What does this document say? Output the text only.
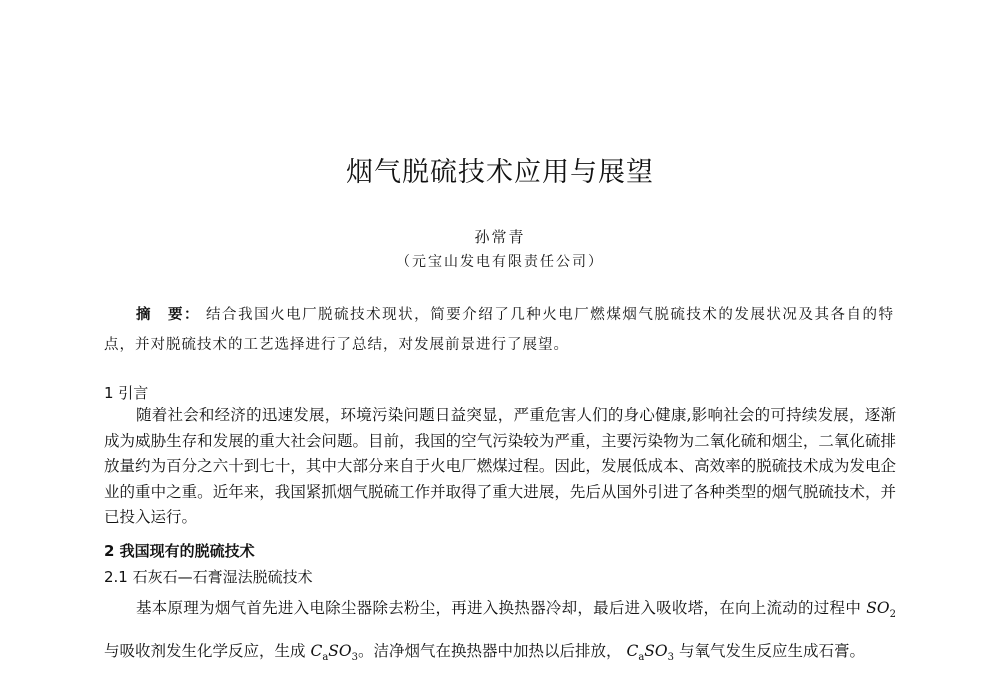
烟气脱硫技术应用与展望
孙常青
（元宝山发电有限责任公司）
摘　要： 结合我国火电厂脱硫技术现状，简要介绍了几种火电厂燃煤烟气脱硫技术的发展状况及其各自的特点，并对脱硫技术的工艺选择进行了总结，对发展前景进行了展望。
1 引言
随着社会和经济的迅速发展，环境污染问题日益突显，严重危害人们的身心健康,影响社会的可持续发展，逐渐成为威胁生存和发展的重大社会问题。目前，我国的空气污染较为严重，主要污染物为二氧化硫和烟尘，二氧化硫排放量约为百分之六十到七十，其中大部分来自于火电厂燃煤过程。因此，发展低成本、高效率的脱硫技术成为发电企业的重中之重。近年来，我国紧抓烟气脱硫工作并取得了重大进展，先后从国外引进了各种类型的烟气脱硫技术，并已投入运行。
2 我国现有的脱硫技术
2.1 石灰石—石膏湿法脱硫技术
基本原理为烟气首先进入电除尘器除去粉尘，再进入换热器冷却，最后进入吸收塔，在向上流动的过程中 $SO_2$ 与吸收剂发生化学反应，生成 $C_aSO_3$。洁净烟气在换热器中加热以后排放， $C_aSO_3$ 与氧气发生反应生成石膏。
